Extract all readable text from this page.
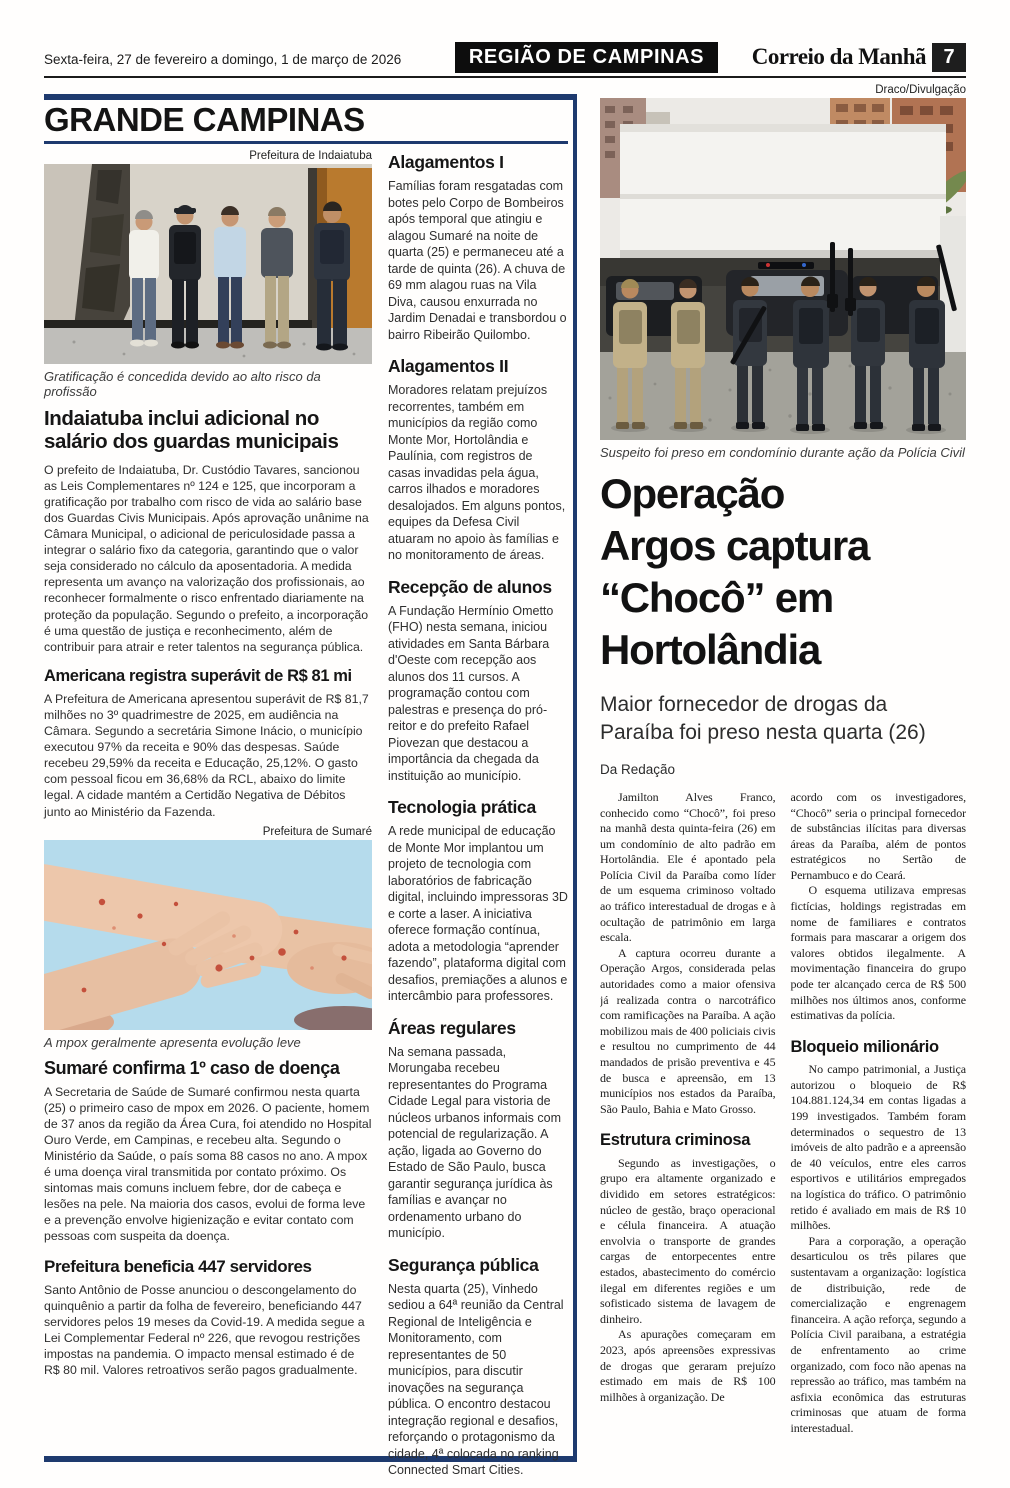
Sexta-feira, 27 de fevereiro a domingo, 1 de março de 2026	REGIÃO DE CAMPINAS	Correio da Manhã 7
GRANDE CAMPINAS
Prefeitura de Indaiatuba
Gratificação é concedida devido ao alto risco da profissão
Indaiatuba inclui adicional no salário dos guardas municipais

O prefeito de Indaiatuba, Dr. Custódio Tavares, sancionou as Leis Complementares nº 124 e 125, que incorporam a gratificação por trabalho com risco de vida ao salário base dos Guardas Civis Municipais. Após aprovação unânime na Câmara Municipal, o adicional de periculosidade passa a integrar o salário fixo da categoria, garantindo que o valor seja considerado no cálculo da aposentadoria. A medida representa um avanço na valorização dos profissionais, ao reconhecer formalmente o risco enfrentado diariamente na proteção da população. Segundo o prefeito, a incorporação é uma questão de justiça e reconhecimento, além de contribuir para atrair e reter talentos na segurança pública.

Americana registra superávit de R$ 81 mi

A Prefeitura de Americana apresentou superávit de R$ 81,7 milhões no 3º quadrimestre de 2025, em audiência na Câmara. Segundo a secretária Simone Inácio, o município executou 97% da receita e 90% das despesas. Saúde recebeu 29,59% da receita e Educação, 25,12%. O gasto com pessoal ficou em 36,68% da RCL, abaixo do limite legal. A cidade mantém a Certidão Negativa de Débitos junto ao Ministério da Fazenda.

Prefeitura de Sumaré
A mpox geralmente apresenta evolução leve
Sumaré confirma 1º caso de doença

A Secretaria de Saúde de Sumaré confirmou nesta quarta (25) o primeiro caso de mpox em 2026. O paciente, homem de 37 anos da região da Área Cura, foi atendido no Hospital Ouro Verde, em Campinas, e recebeu alta. Segundo o Ministério da Saúde, o país soma 88 casos no ano. A mpox é uma doença viral transmitida por contato próximo. Os sintomas mais comuns incluem febre, dor de cabeça e lesões na pele. Na maioria dos casos, evolui de forma leve e a prevenção envolve higienização e evitar contato com pessoas com suspeita da doença.

Prefeitura beneficia 447 servidores

Santo Antônio de Posse anunciou o descongelamento do quinquênio a partir da folha de fevereiro, beneficiando 447 servidores pelos 19 meses da Covid-19. A medida segue a Lei Complementar Federal nº 226, que revogou restrições impostas na pandemia. O impacto mensal estimado é de R$ 80 mil. Valores retroativos serão pagos gradualmente.

Alagamentos I

Famílias foram resgatadas com botes pelo Corpo de Bombeiros após temporal que atingiu e alagou Sumaré na noite de quarta (25) e permaneceu até a tarde de quinta (26). A chuva de 69 mm alagou ruas na Vila Diva, causou enxurrada no Jardim Denadai e transbordou o bairro Ribeirão Quilombo.

Alagamentos II

Moradores relatam prejuízos recorrentes, também em municípios da região como Monte Mor, Hortolândia e Paulínia, com registros de casas invadidas pela água, carros ilhados e moradores desalojados. Em alguns pontos, equipes da Defesa Civil atuaram no apoio às famílias e no monitoramento de áreas.

Recepção de alunos

A Fundação Hermínio Ometto (FHO) nesta semana, iniciou atividades em Santa Bárbara d'Oeste com recepção aos alunos dos 11 cursos. A programação contou com palestras e presença do pró-reitor e do prefeito Rafael Piovezan que destacou a importância da chegada da instituição ao município.

Tecnologia prática

A rede municipal de educação de Monte Mor implantou um projeto de tecnologia com laboratórios de fabricação digital, incluindo impressoras 3D e corte a laser. A iniciativa oferece formação contínua, adota a metodologia “aprender fazendo”, plataforma digital com desafios, premiações a alunos e intercâmbio para professores.

Áreas regulares

Na semana passada, Morungaba recebeu representantes do Programa Cidade Legal para vistoria de núcleos urbanos informais com potencial de regularização. A ação, ligada ao Governo do Estado de São Paulo, busca garantir segurança jurídica às famílias e avançar no ordenamento urbano do município.

Segurança pública

Nesta quarta (25), Vinhedo sediou a 64ª reunião da Central Regional de Inteligência e Monitoramento, com representantes de 50 municípios, para discutir inovações na segurança pública. O encontro destacou integração regional e desafios, reforçando o protagonismo da cidade, 4ª colocada no ranking Connected Smart Cities.

Draco/Divulgação
Suspeito foi preso em condomínio durante ação da Polícia Civil
Operação
Argos captura
“Chocô” em
Hortolândia
Maior fornecedor de drogas da Paraíba foi preso nesta quarta (26)
Da Redação

Jamilton Alves Franco, conhecido como “Chocô”, foi preso na manhã desta quinta-feira (26) em um condomínio de alto padrão em Hortolândia. Ele é apontado pela Polícia Civil da Paraíba como líder de um esquema criminoso voltado ao tráfico interestadual de drogas e à ocultação de patrimônio em larga escala.

A captura ocorreu durante a Operação Argos, considerada pelas autoridades como a maior ofensiva já realizada contra o narcotráfico com ramificações na Paraíba. A ação mobilizou mais de 400 policiais civis e resultou no cumprimento de 44 mandados de prisão preventiva e 45 de busca e apreensão, em 13 municípios nos estados da Paraíba, São Paulo, Bahia e Mato Grosso.

Estrutura criminosa

Segundo as investigações, o grupo era altamente organizado e dividido em setores estratégicos: núcleo de gestão, braço operacional e célula financeira. A atuação envolvia o transporte de grandes cargas de entorpecentes entre estados, abastecimento do comércio ilegal em diferentes regiões e um sofisticado sistema de lavagem de dinheiro.

As apurações começaram em 2023, após apreensões expressivas de drogas que geraram prejuízo estimado em mais de R$ 100 milhões à organização. De

acordo com os investigadores, “Chocô” seria o principal fornecedor de substâncias ilícitas para diversas áreas da Paraíba, além de pontos estratégicos no Sertão de Pernambuco e do Ceará.

O esquema utilizava empresas fictícias, holdings registradas em nome de familiares e contratos formais para mascarar a origem dos valores obtidos ilegalmente. A movimentação financeira do grupo pode ter alcançado cerca de R$ 500 milhões nos últimos anos, conforme estimativas da polícia.

Bloqueio milionário

No campo patrimonial, a Justiça autorizou o bloqueio de R$ 104.881.124,34 em contas ligadas a 199 investigados. Também foram determinados o sequestro de 13 imóveis de alto padrão e a apreensão de 40 veículos, entre eles carros esportivos e utilitários empregados na logística do tráfico. O patrimônio retido é avaliado em mais de R$ 10 milhões.

Para a corporação, a operação desarticulou os três pilares que sustentavam a organização: logística de distribuição, rede de comercialização e engrenagem financeira. A ação reforça, segundo a Polícia Civil paraibana, a estratégia de enfrentamento ao crime organizado, com foco não apenas na repressão ao tráfico, mas também na asfixia econômica das estruturas criminosas que atuam de forma interestadual.
